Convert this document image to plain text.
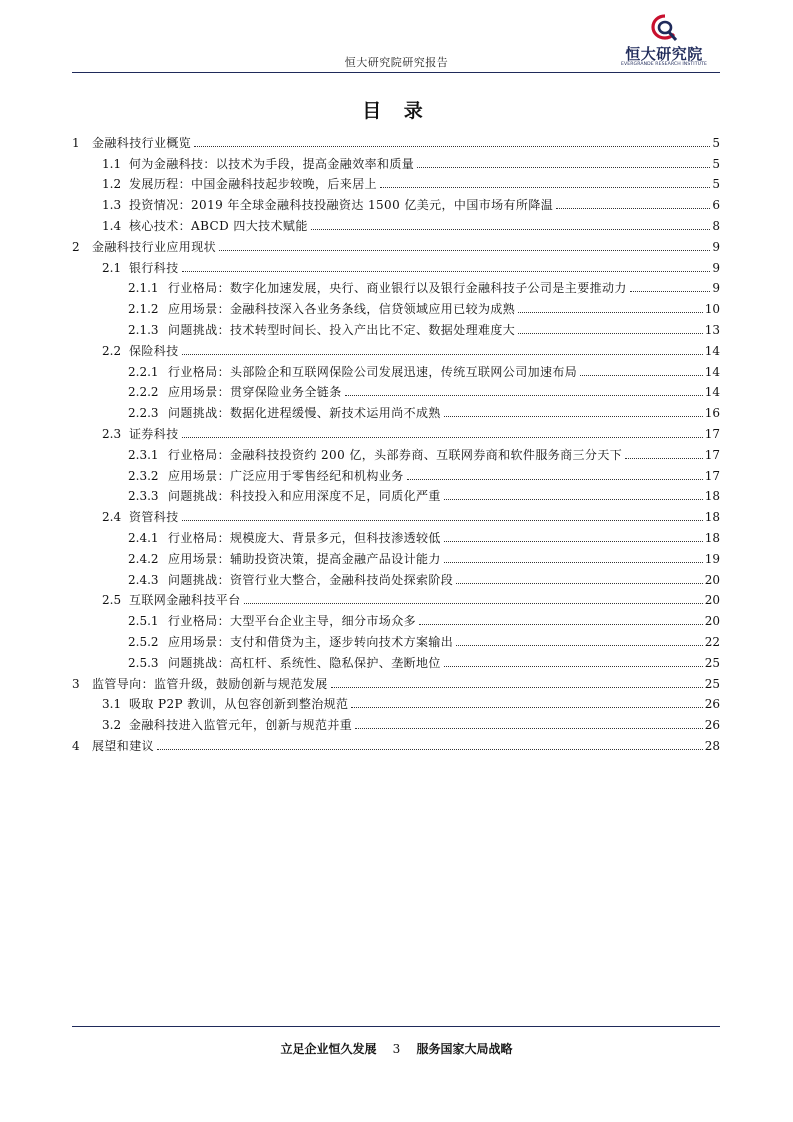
恒大研究院
EVERGRANDE RESEARCH INSTITUTE
恒大研究院研究报告
目 录
1	金融科技行业概览	5
1.1 何为金融科技：以技术为手段，提高金融效率和质量	5
1.2 发展历程：中国金融科技起步较晚，后来居上	5
1.3 投资情况：2019 年全球金融科技投融资达 1500 亿美元，中国市场有所降温	6
1.4 核心技术：ABCD 四大技术赋能	8
2	金融科技行业应用现状	9
2.1 银行科技	9
2.1.1 行业格局：数字化加速发展，央行、商业银行以及银行金融科技子公司是主要推动力	9
2.1.2 应用场景：金融科技深入各业务条线，信贷领域应用已较为成熟	10
2.1.3 问题挑战：技术转型时间长、投入产出比不定、数据处理难度大	13
2.2 保险科技	14
2.2.1 行业格局：头部险企和互联网保险公司发展迅速，传统互联网公司加速布局	14
2.2.2 应用场景：贯穿保险业务全链条	14
2.2.3 问题挑战：数据化进程缓慢、新技术运用尚不成熟	16
2.3 证券科技	17
2.3.1 行业格局：金融科技投资约 200 亿，头部券商、互联网券商和软件服务商三分天下	17
2.3.2 应用场景：广泛应用于零售经纪和机构业务	17
2.3.3 问题挑战：科技投入和应用深度不足，同质化严重	18
2.4 资管科技	18
2.4.1 行业格局：规模庞大、背景多元，但科技渗透较低	18
2.4.2 应用场景：辅助投资决策，提高金融产品设计能力	19
2.4.3 问题挑战：资管行业大整合，金融科技尚处探索阶段	20
2.5 互联网金融科技平台	20
2.5.1 行业格局：大型平台企业主导，细分市场众多	20
2.5.2 应用场景：支付和借贷为主，逐步转向技术方案输出	22
2.5.3 问题挑战：高杠杆、系统性、隐私保护、垄断地位	25
3	监管导向：监管升级，鼓励创新与规范发展	25
3.1 吸取 P2P 教训，从包容创新到整治规范	26
3.2 金融科技进入监管元年，创新与规范并重	26
4	展望和建议	28
立足企业恒久发展 3 服务国家大局战略
